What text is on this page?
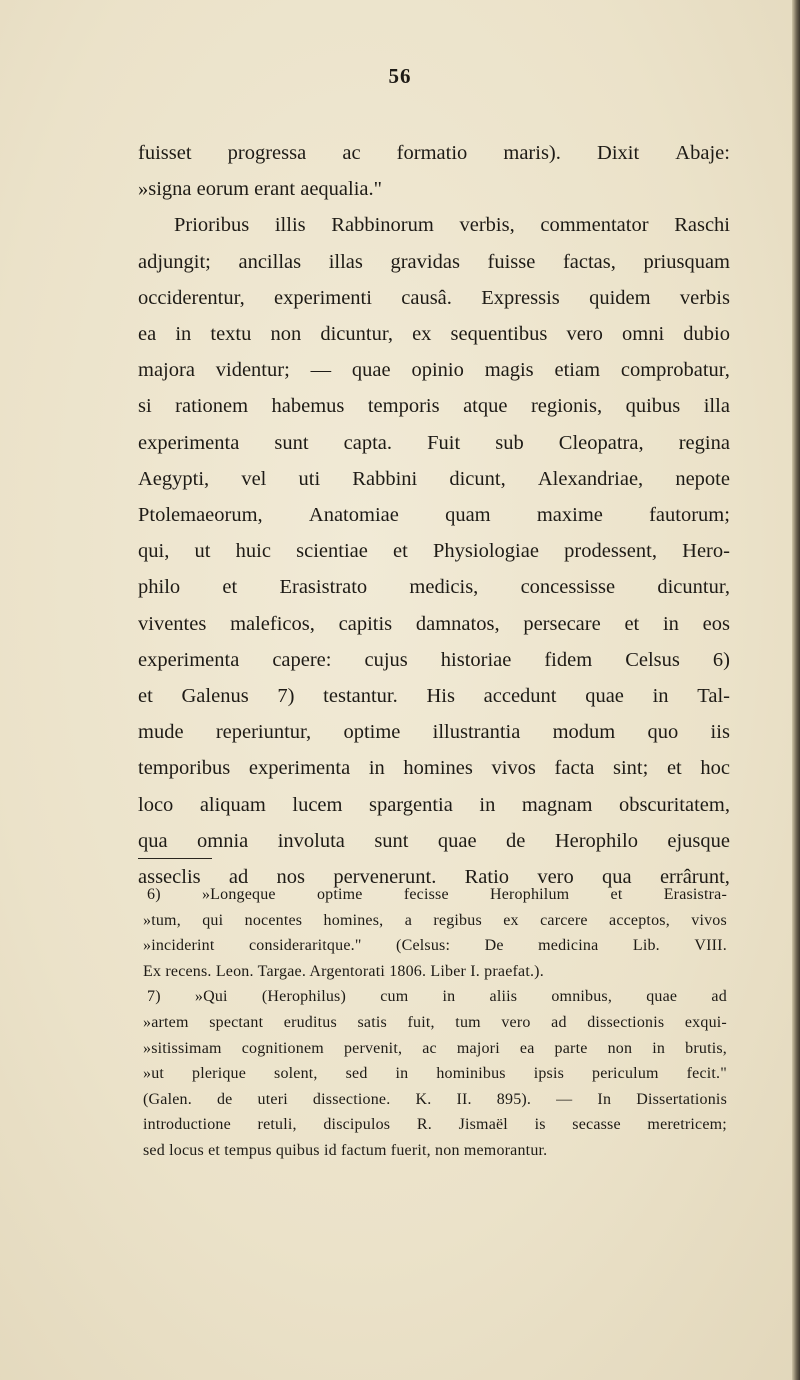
56
fuisset progressa ac formatio maris). Dixit Abaje:
»signa eorum erant aequalia."
Prioribus illis Rabbinorum verbis, commentator Raschi
adjungit; ancillas illas gravidas fuisse factas, priusquam
occiderentur, experimenti causâ. Expressis quidem verbis
ea in textu non dicuntur, ex sequentibus vero omni dubio
majora videntur; — quae opinio magis etiam comprobatur,
si rationem habemus temporis atque regionis, quibus illa
experimenta sunt capta. Fuit sub Cleopatra, regina
Aegypti, vel uti Rabbini dicunt, Alexandriae, nepote
Ptolemaeorum, Anatomiae quam maxime fautorum;
qui, ut huic scientiae et Physiologiae prodessent, Hero-
philo et Erasistrato medicis, concessisse dicuntur,
viventes maleficos, capitis damnatos, persecare et in eos
experimenta capere: cujus historiae fidem Celsus 6)
et Galenus 7) testantur. His accedunt quae in Tal-
mude reperiuntur, optime illustrantia modum quo iis
temporibus experimenta in homines vivos facta sint; et hoc
loco aliquam lucem spargentia in magnam obscuritatem,
qua omnia involuta sunt quae de Herophilo ejusque
asseclis ad nos pervenerunt. Ratio vero qua errârunt,
6)	»Longeque	optime	fecisse	Herophilum	et	Erasistra-
»tum, qui nocentes homines, a regibus ex carcere acceptos, vivos
»inciderint consideraritque." (Celsus: De medicina Lib. VIII.
Ex recens. Leon. Targae. Argentorati 1806. Liber I. praefat.).
7) »Qui (Herophilus) cum in aliis omnibus, quae ad
»artem spectant eruditus satis fuit, tum vero ad dissectionis exqui-
»sitissimam cognitionem pervenit, ac majori ea parte non in brutis,
»ut plerique solent, sed in hominibus ipsis periculum fecit."
(Galen. de uteri dissectione. K. II. 895). — In Dissertationis
introductione retuli, discipulos R. Jismaël is secasse meretricem;
sed locus et tempus quibus id factum fuerit, non memorantur.
